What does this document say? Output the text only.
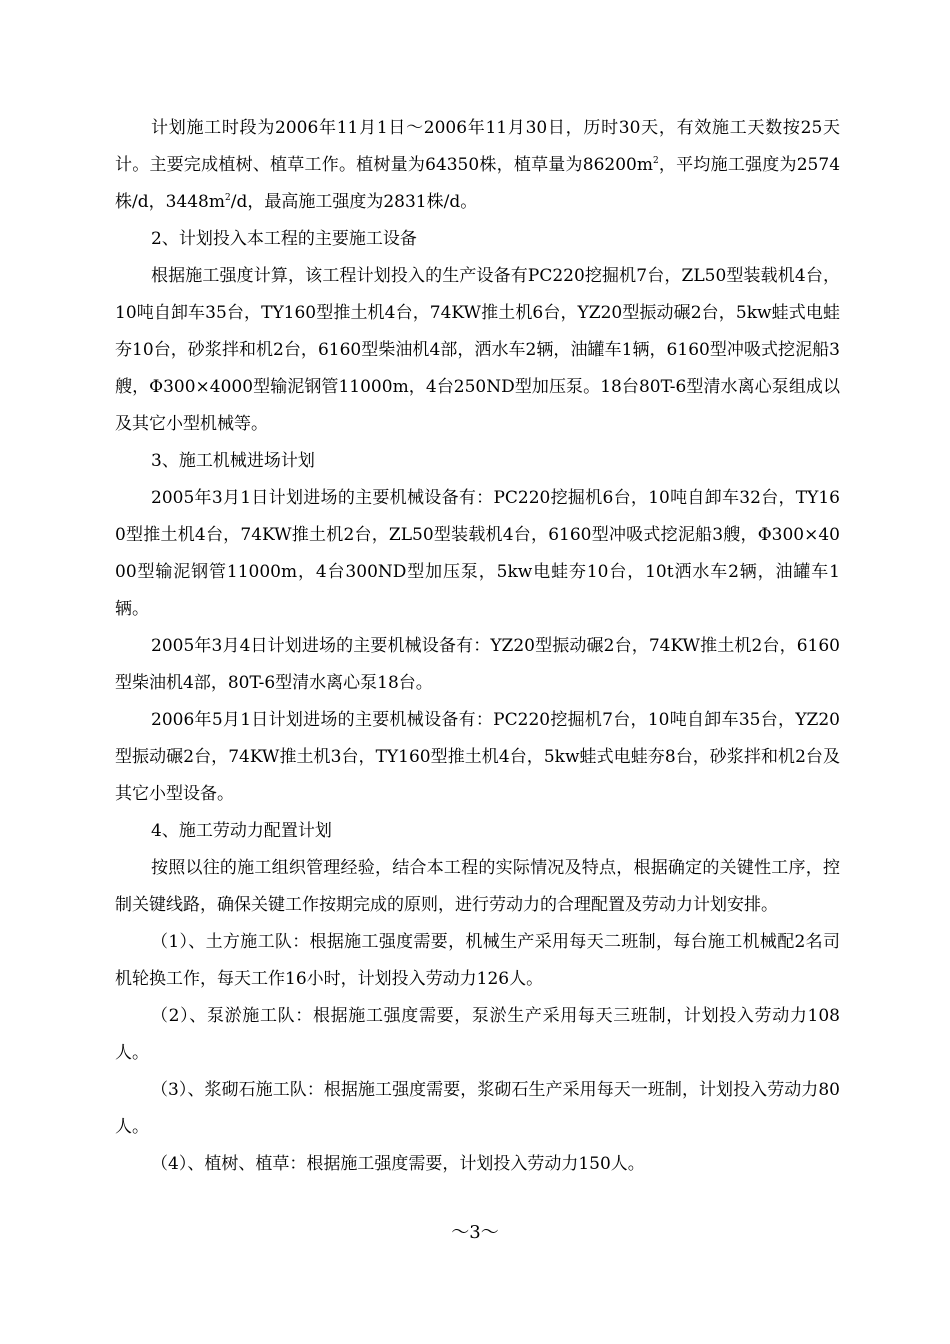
计划施工时段为2006年11月1日～2006年11月30日，历时30天，有效施工天数按25天计。主要完成植树、植草工作。植树量为64350株，植草量为$86200m^2$，平均施工强度为2574株/d，$3448m^2/d$，最高施工强度为2831株/d。

2、计划投入本工程的主要施工设备

根据施工强度计算，该工程计划投入的生产设备有PC220挖掘机7台，ZL50型装载机4台，10吨自卸车35台，TY160型推土机4台，74KW推土机6台，YZ20型振动碾2台，5kw蛙式电蛙夯10台，砂浆拌和机2台，6160型柴油机4部，洒水车2辆，油罐车1辆，6160型冲吸式挖泥船3艘，Φ300×4000型输泥钢管11000m，4台250ND型加压泵。18台80T-6型清水离心泵组成以及其它小型机械等。

3、施工机械进场计划

2005年3月1日计划进场的主要机械设备有：PC220挖掘机6台，10吨自卸车32台，TY160型推土机4台，74KW推土机2台，ZL50型装载机4台，6160型冲吸式挖泥船3艘，Φ300×4000型输泥钢管11000m，4台300ND型加压泵，5kw电蛙夯10台，10t洒水车2辆，油罐车1辆。

2005年3月4日计划进场的主要机械设备有：YZ20型振动碾2台，74KW推土机2台，6160型柴油机4部，80T-6型清水离心泵18台。

2006年5月1日计划进场的主要机械设备有：PC220挖掘机7台，10吨自卸车35台，YZ20型振动碾2台，74KW推土机3台，TY160型推土机4台，5kw蛙式电蛙夯8台，砂浆拌和机2台及其它小型设备。

4、施工劳动力配置计划

按照以往的施工组织管理经验，结合本工程的实际情况及特点，根据确定的关键性工序，控制关键线路，确保关键工作按期完成的原则，进行劳动力的合理配置及劳动力计划安排。

（1）、土方施工队：根据施工强度需要，机械生产采用每天二班制，每台施工机械配2名司机轮换工作，每天工作16小时，计划投入劳动力126人。

（2）、泵淤施工队：根据施工强度需要，泵淤生产采用每天三班制，计划投入劳动力108人。

（3）、浆砌石施工队：根据施工强度需要，浆砌石生产采用每天一班制，计划投入劳动力80人。

（4）、植树、植草：根据施工强度需要，计划投入劳动力150人。

～3～
